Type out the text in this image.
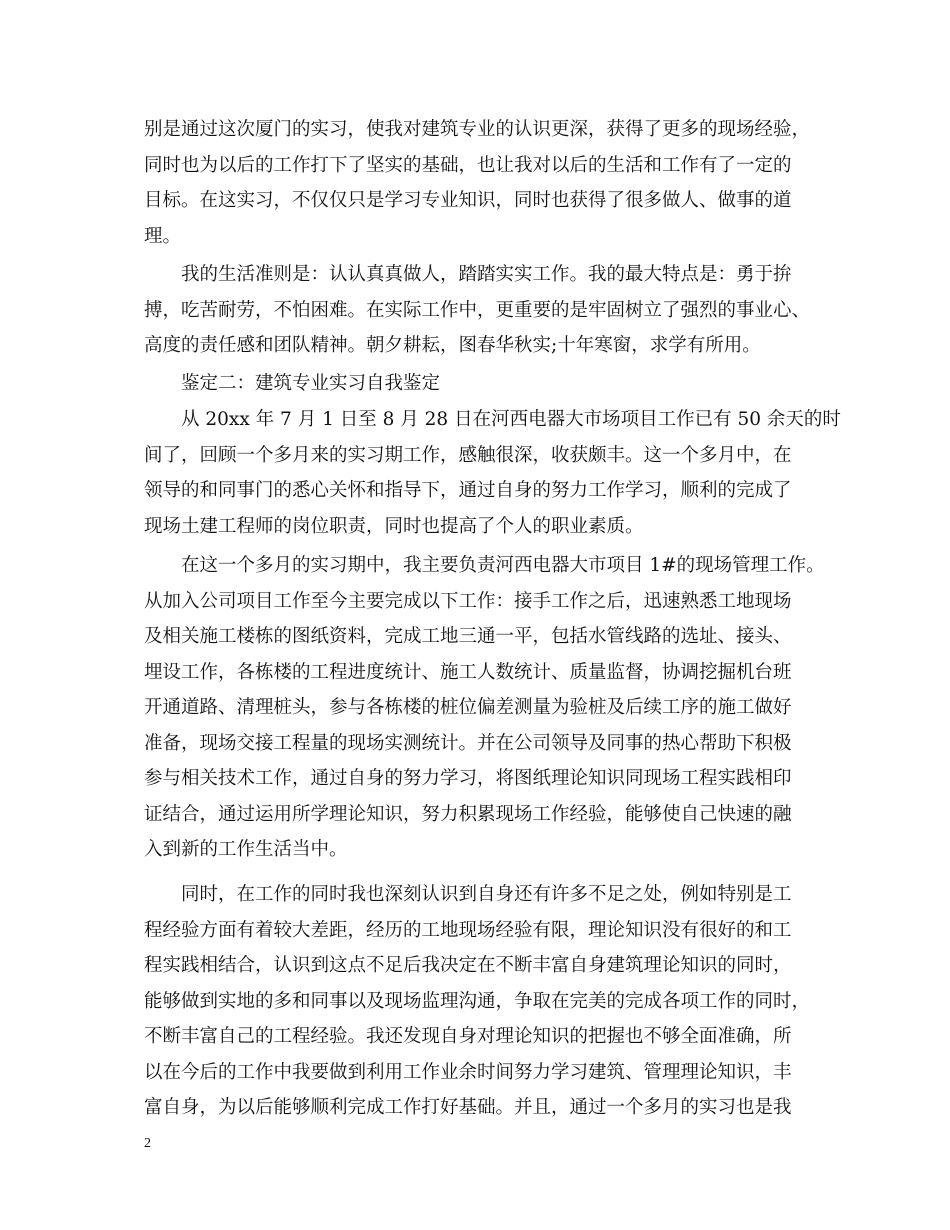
别是通过这次厦门的实习，使我对建筑专业的认识更深，获得了更多的现场经验，
同时也为以后的工作打下了坚实的基础，也让我对以后的生活和工作有了一定的
目标。在这实习，不仅仅只是学习专业知识，同时也获得了很多做人、做事的道
理。
我的生活准则是：认认真真做人，踏踏实实工作。我的最大特点是：勇于拚
搏，吃苦耐劳，不怕困难。在实际工作中，更重要的是牢固树立了强烈的事业心、
高度的责任感和团队精神。朝夕耕耘，图春华秋实;十年寒窗，求学有所用。
鉴定二：建筑专业实习自我鉴定
从 20xx 年 7 月 1 日至 8 月 28 日在河西电器大市场项目工作已有 50 余天的时
间了，回顾一个多月来的实习期工作，感触很深，收获颇丰。这一个多月中，在
领导的和同事门的悉心关怀和指导下，通过自身的努力工作学习，顺利的完成了
现场土建工程师的岗位职责，同时也提高了个人的职业素质。
在这一个多月的实习期中，我主要负责河西电器大市项目 1#的现场管理工作。
从加入公司项目工作至今主要完成以下工作：接手工作之后，迅速熟悉工地现场
及相关施工楼栋的图纸资料，完成工地三通一平，包括水管线路的选址、接头、
埋设工作，各栋楼的工程进度统计、施工人数统计、质量监督，协调挖掘机台班
开通道路、清理桩头，参与各栋楼的桩位偏差测量为验桩及后续工序的施工做好
准备，现场交接工程量的现场实测统计。并在公司领导及同事的热心帮助下积极
参与相关技术工作，通过自身的努力学习，将图纸理论知识同现场工程实践相印
证结合，通过运用所学理论知识，努力积累现场工作经验，能够使自己快速的融
入到新的工作生活当中。
同时，在工作的同时我也深刻认识到自身还有许多不足之处，例如特别是工
程经验方面有着较大差距，经历的工地现场经验有限，理论知识没有很好的和工
程实践相结合，认识到这点不足后我决定在不断丰富自身建筑理论知识的同时，
能够做到实地的多和同事以及现场监理沟通，争取在完美的完成各项工作的同时，
不断丰富自己的工程经验。我还发现自身对理论知识的把握也不够全面准确，所
以在今后的工作中我要做到利用工作业余时间努力学习建筑、管理理论知识，丰
富自身，为以后能够顺利完成工作打好基础。并且，通过一个多月的实习也是我
2
